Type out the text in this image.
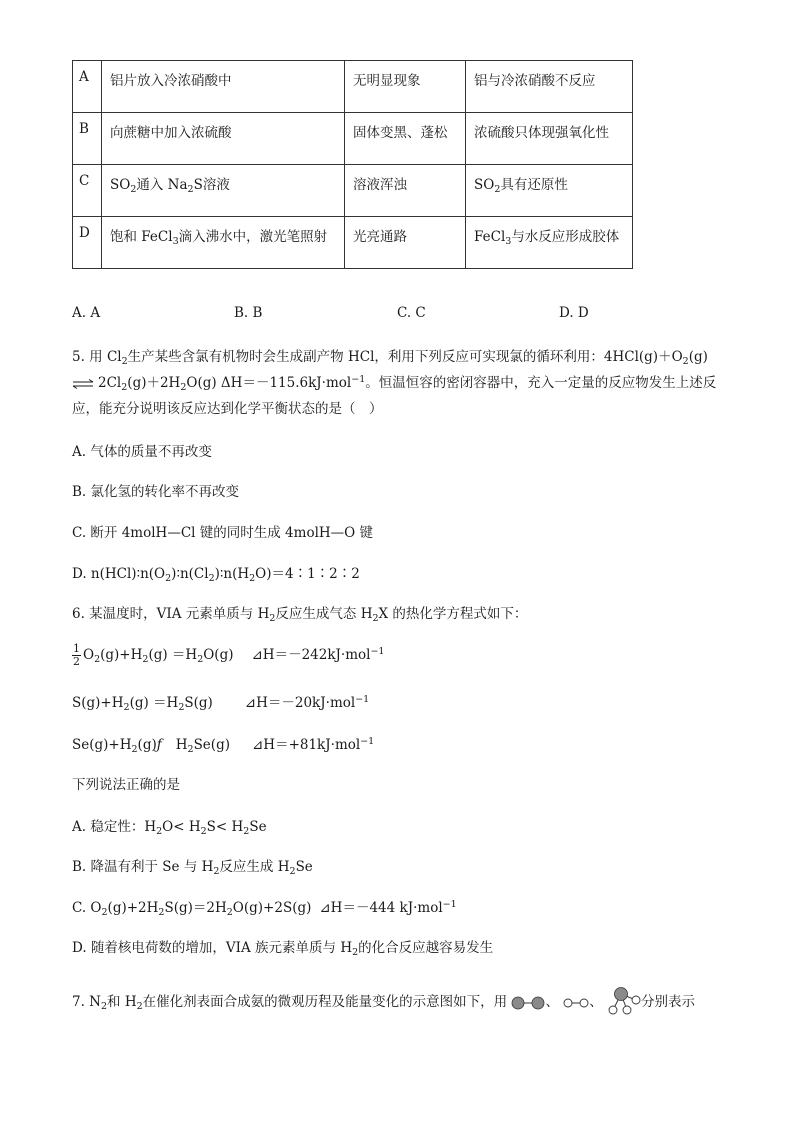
A	铝片放入冷浓硝酸中	无明显现象	铝与冷浓硝酸不反应
B	向蔗糖中加入浓硫酸	固体变黑、蓬松	浓硫酸只体现强氧化性
C	$SO_2$通入 $Na_2S$溶液	溶液浑浊	$SO_2$具有还原性
D	饱和 FeCl$_3$滴入沸水中，激光笔照射	光亮通路	FeCl$_3$与水反应形成胶体
A. A	B. B	C. C	D. D
5. 用 $Cl_2$生产某些含氯有机物时会生成副产物 HCl，利用下列反应可实现氯的循环利用：$4HCl(g)+O_2(g)$
⇌ $2Cl_2(g)+2H_2O(g)$ ΔH＝－115.6kJ·mol$^{-1}$。恒温恒容的密闭容器中，充入一定量的反应物发生上述反
应，能充分说明该反应达到化学平衡状态的是（　）
A. 气体的质量不再改变
B. 氯化氢的转化率不再改变
C. 断开 4molH—Cl 键的同时生成 4molH—O 键
D. $n(HCl)∶n(O_2)∶n(Cl_2)∶n(H_2O)=4∶1∶2∶2$
6. 某温度时，VIA 元素单质与 $H_2$反应生成气态 $H_2X$ 的热化学方程式如下：
$\frac{1}{2} O_2(g)+H_2(g) =H_2O(g)$ ⊿H＝－242kJ·mol$^{-1}$
$S(g)+H_2(g) =H_2S(g)$ ⊿H＝－20kJ·mol$^{-1}$
$Se(g)+H_2(g)ƒ$ $H_2Se(g)$ ⊿H＝+81kJ·mol$^{-1}$
下列说法正确的是
A. 稳定性：$H_2O< H_2S< H_2Se$
B. 降温有利于 Se 与 $H_2$反应生成 $H_2Se$
C. $O_2(g)+2H_2S(g)=2H_2O(g)+2S(g)$ ⊿H＝－444 kJ·mol$^{-1}$
D. 随着核电荷数的增加，VIA 族元素单质与 $H_2$的化合反应越容易发生
7. $N_2$和 $H_2$在催化剂表面合成氨的微观历程及能量变化的示意图如下，用	、 、	分别表示
